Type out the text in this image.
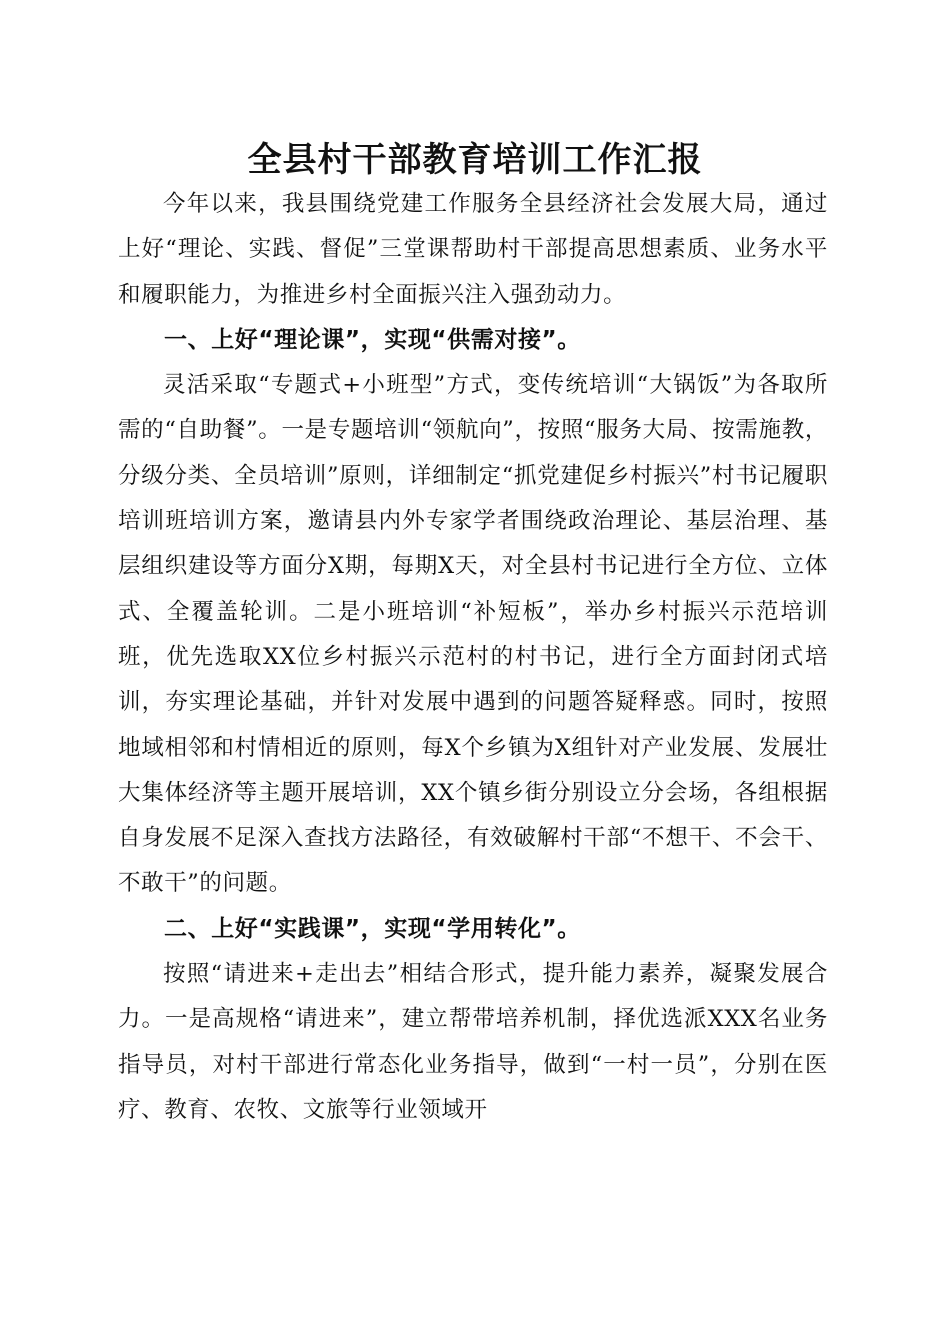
全县村干部教育培训工作汇报

今年以来，我县围绕党建工作服务全县经济社会发展大局，通过上好“理论、实践、督促”三堂课帮助村干部提高思想素质、业务水平和履职能力，为推进乡村全面振兴注入强劲动力。

一、上好“理论课”，实现“供需对接”。

灵活采取“专题式+小班型”方式，变传统培训“大锅饭”为各取所需的“自助餐”。一是专题培训“领航向”，按照“服务大局、按需施教，分级分类、全员培训”原则，详细制定“抓党建促乡村振兴”村书记履职培训班培训方案，邀请县内外专家学者围绕政治理论、基层治理、基层组织建设等方面分X期，每期X天，对全县村书记进行全方位、立体式、全覆盖轮训。二是小班培训“补短板”，举办乡村振兴示范培训班，优先选取XX位乡村振兴示范村的村书记，进行全方面封闭式培训，夯实理论基础，并针对发展中遇到的问题答疑释惑。同时，按照地域相邻和村情相近的原则，每X个乡镇为X组针对产业发展、发展壮大集体经济等主题开展培训，XX个镇乡街分别设立分会场，各组根据自身发展不足深入查找方法路径，有效破解村干部“不想干、不会干、不敢干”的问题。

二、上好“实践课”，实现“学用转化”。

按照“请进来+走出去”相结合形式，提升能力素养，凝聚发展合力。一是高规格“请进来”，建立帮带培养机制，择优选派XXX名业务指导员，对村干部进行常态化业务指导，做到“一村一员”，分别在医疗、教育、农牧、文旅等行业领域开
